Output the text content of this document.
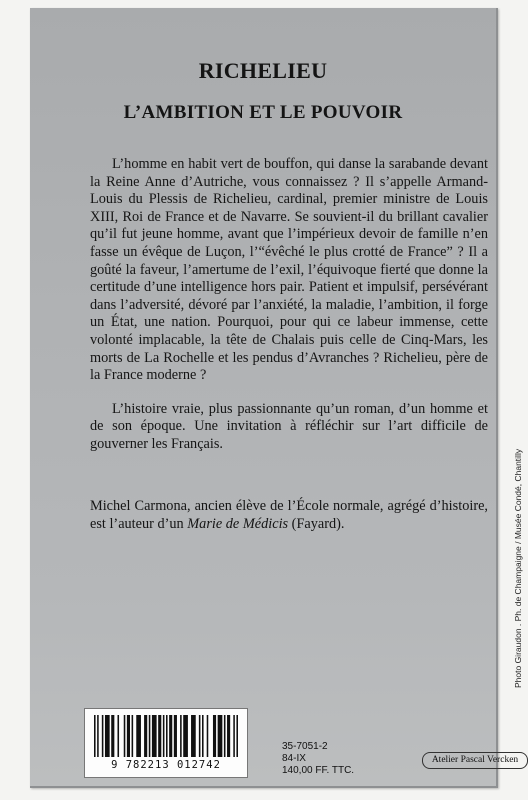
RICHELIEU
L’AMBITION ET LE POUVOIR

L’homme en habit vert de bouffon, qui danse la sarabande devant la Reine Anne d’Autriche, vous connaissez ? Il s’appelle Armand-Louis du Plessis de Richelieu, cardinal, premier ministre de Louis XIII, Roi de France et de Navarre. Se souvient-il du brillant cavalier qu’il fut jeune homme, avant que l’impérieux devoir de famille n’en fasse un évêque de Luçon, l’“évêché le plus crotté de France” ? Il a goûté la faveur, l’amertume de l’exil, l’équivoque fierté que donne la certitude d’une intelligence hors pair. Patient et impulsif, persévérant dans l’adversité, dévoré par l’anxiété, la maladie, l’ambition, il forge un État, une nation. Pourquoi, pour qui ce labeur immense, cette volonté implacable, la tête de Chalais puis celle de Cinq-Mars, les morts de La Rochelle et les pendus d’Avranches ? Richelieu, père de la France moderne ?

L’histoire vraie, plus passionnante qu’un roman, d’un homme et de son époque. Une invitation à réfléchir sur l’art difficile de gouverner les Français.

Michel Carmona, ancien élève de l’École normale, agrégé d’histoire, est l’auteur d’un Marie de Médicis (Fayard).	Photo Giraudon . Ph. de Champaigne / Musée Condé, Chantilly
9 782213 012742
35-7051-2
84-IX
140,00 FF. TTC.
Atelier Pascal Vercken
